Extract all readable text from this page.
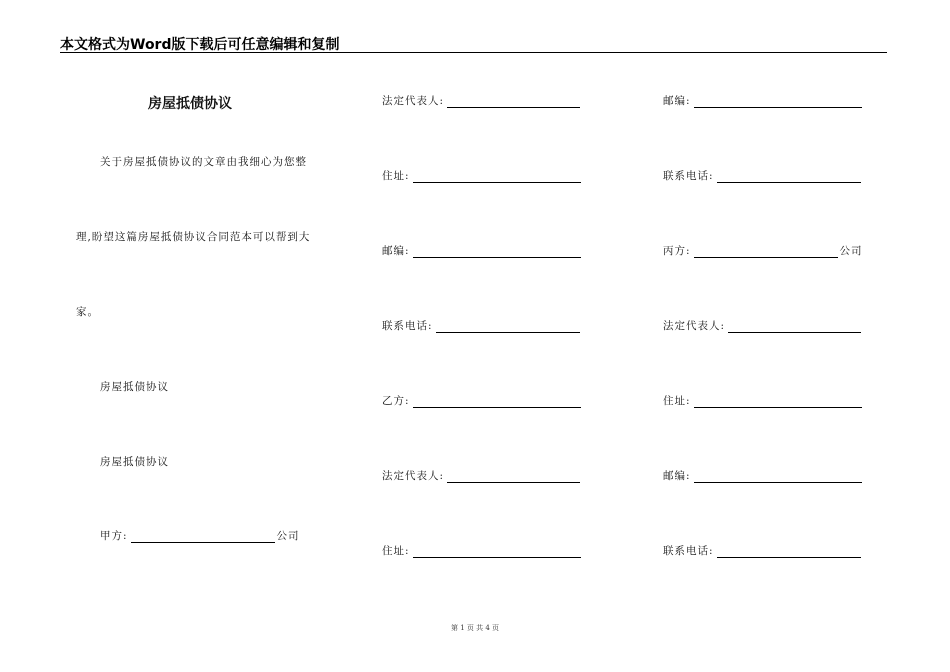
本文格式为Word版下载后可任意编辑和复制
房屋抵债协议
关于房屋抵债协议的文章由我细心为您整
理,盼望这篇房屋抵债协议合同范本可以帮到大
家。
房屋抵债协议
房屋抵债协议
甲方:	公司
法定代表人:
住址:
邮编:
联系电话:
乙方:
法定代表人:
住址:
邮编:
联系电话:
丙方:	公司
法定代表人:
住址:
邮编:
联系电话:
第 1 页 共 4 页
